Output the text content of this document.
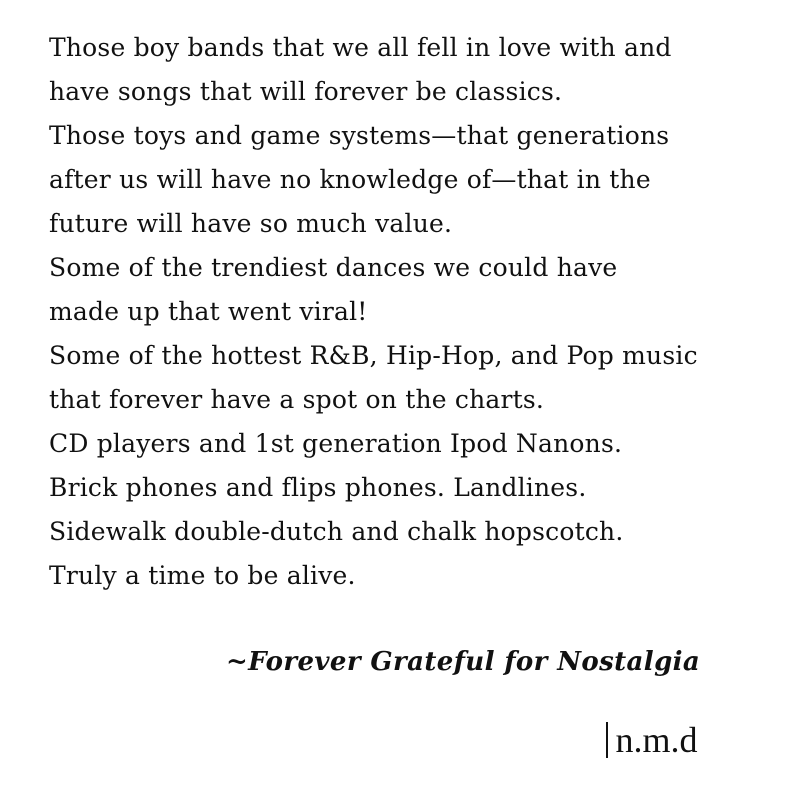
Those boy bands that we all fell in love with and
have songs that will forever be classics.
Those toys and game systems—that generations
after us will have no knowledge of—that in the
future will have so much value.
Some of the trendiest dances we could have
made up that went viral!
Some of the hottest R&B, Hip-Hop, and Pop music
that forever have a spot on the charts.
CD players and 1st generation Ipod Nanons.
Brick phones and flips phones. Landlines.
Sidewalk double-dutch and chalk hopscotch.
Truly a time to be alive.
~Forever Grateful for Nostalgia
n.m.d
